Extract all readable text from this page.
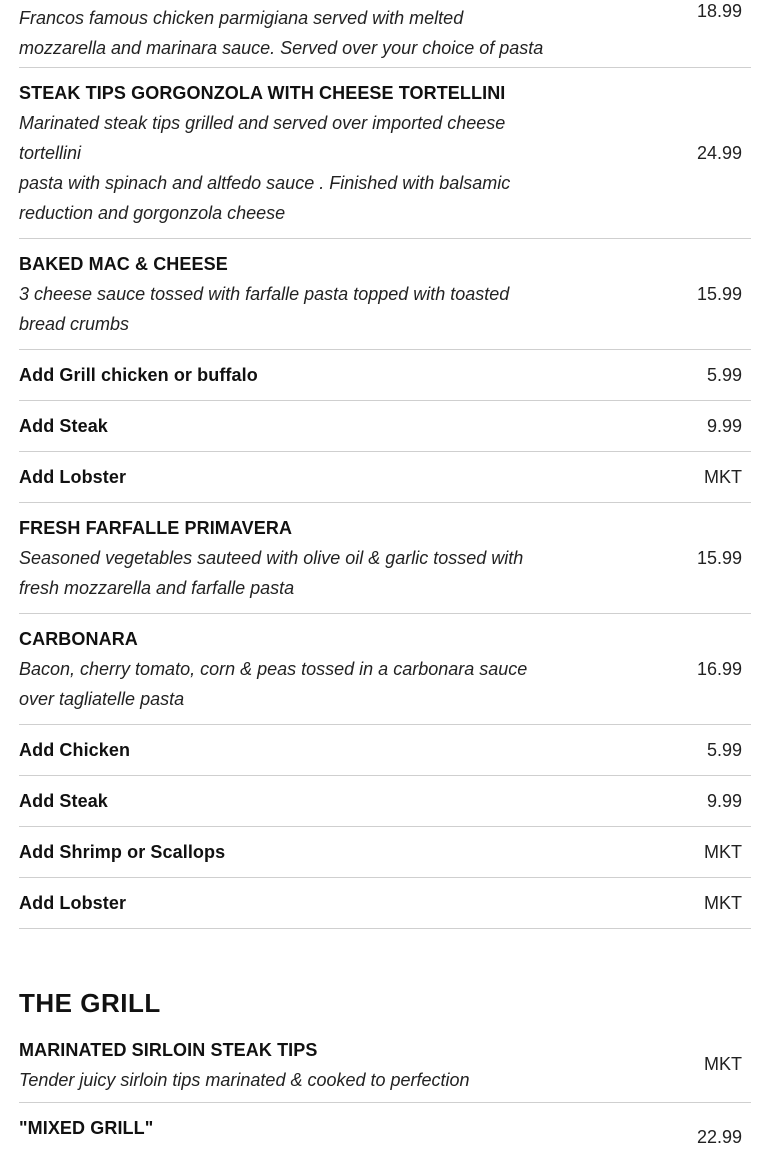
Francos famous chicken parmigiana served with melted
mozzarella and marinara sauce. Served over your choice of pasta
18.99
STEAK TIPS GORGONZOLA WITH CHEESE TORTELLINI
Marinated steak tips grilled and served over imported cheese
tortellini
pasta with spinach and altfedo sauce . Finished with balsamic
reduction and gorgonzola cheese
24.99
BAKED MAC & CHEESE
3 cheese sauce tossed with farfalle pasta topped with toasted
bread crumbs
15.99
Add Grill chicken or buffalo	5.99
Add Steak	9.99
Add Lobster	MKT
FRESH FARFALLE PRIMAVERA
Seasoned vegetables sauteed with olive oil & garlic tossed with
fresh mozzarella and farfalle pasta
15.99
CARBONARA
Bacon, cherry tomato, corn & peas tossed in a carbonara sauce
over tagliatelle pasta
16.99
Add Chicken	5.99
Add Steak	9.99
Add Shrimp or Scallops	MKT
Add Lobster	MKT
THE GRILL
MARINATED SIRLOIN STEAK TIPS
Tender juicy sirloin tips marinated & cooked to perfection
MKT
"MIXED GRILL"	22.99
